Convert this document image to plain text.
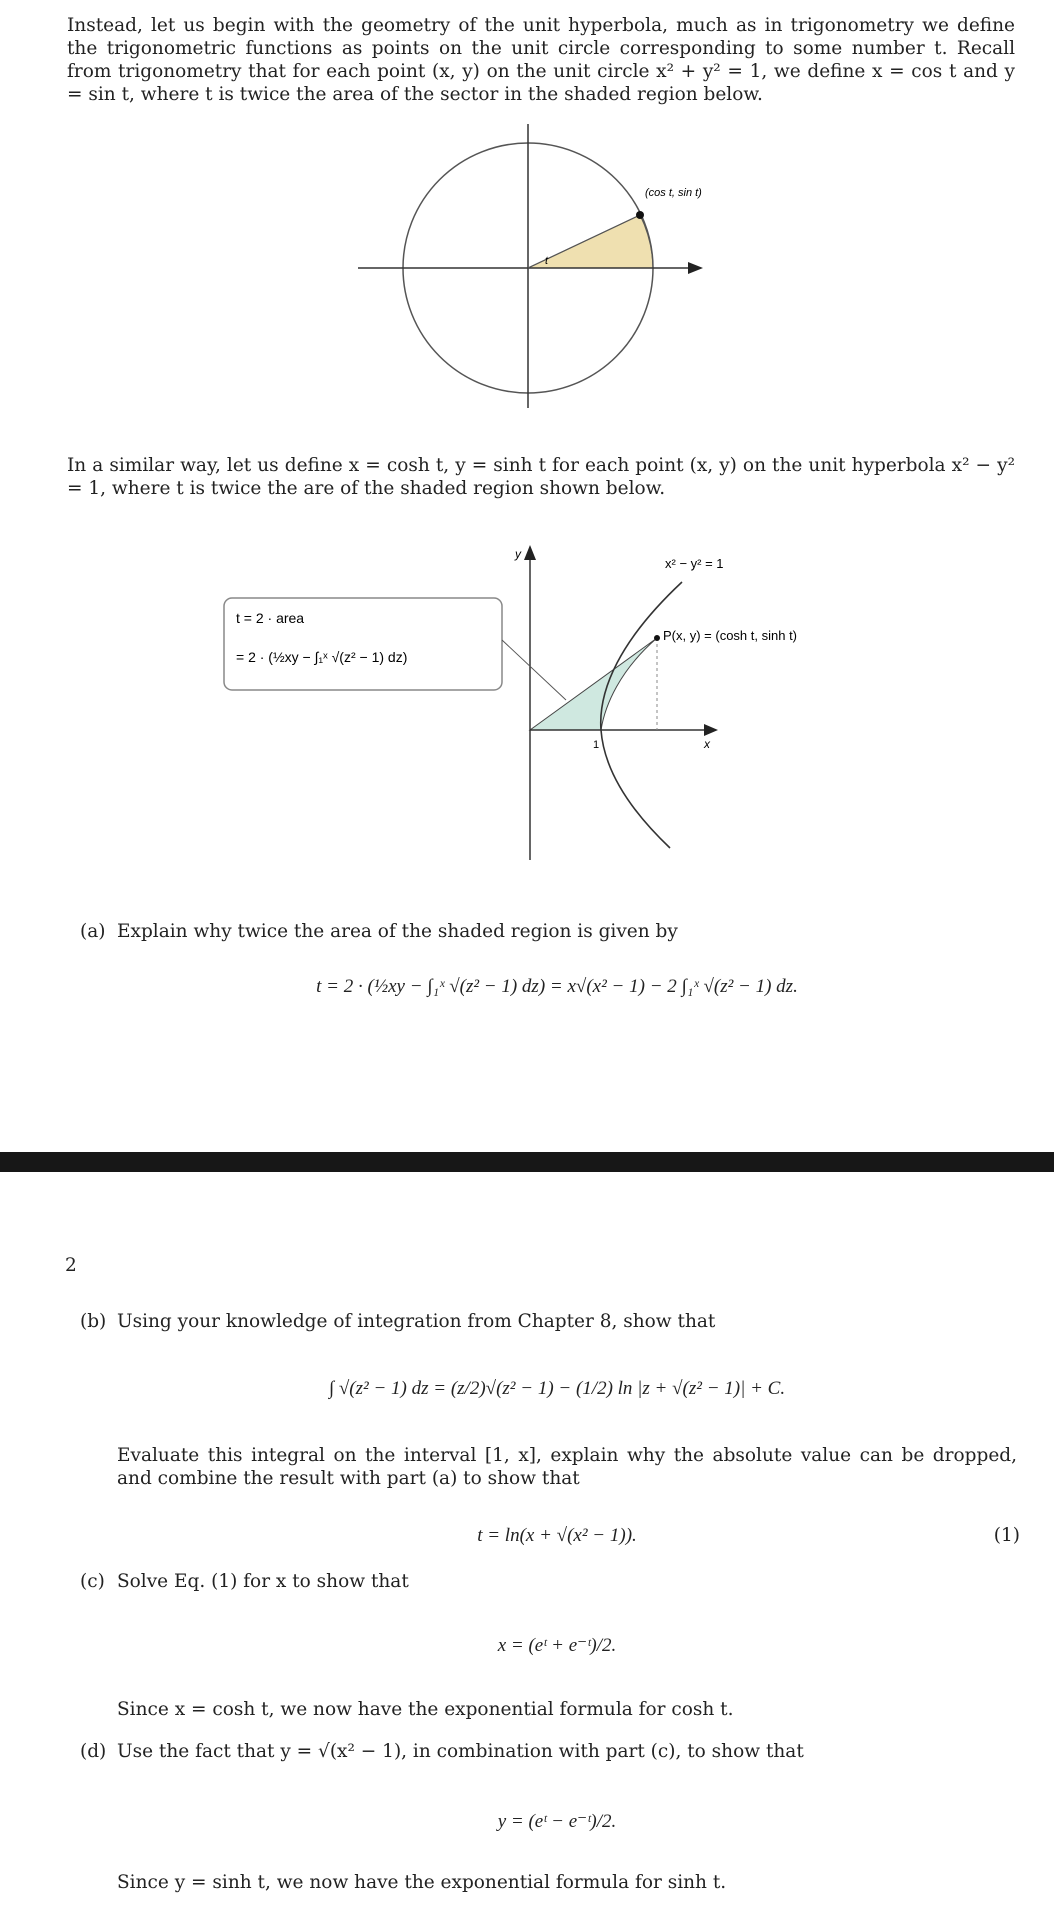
Instead, let us begin with the geometry of the unit hyperbola, much as in trigonometry we define the trigonometric functions as points on the unit circle corresponding to some number t. Recall from trigonometry that for each point (x, y) on the unit circle x² + y² = 1, we define x = cos t and y = sin t, where t is twice the area of the sector in the shaded region below.
(cos t, sin t)
t
In a similar way, let us define x = cosh t, y = sinh t for each point (x, y) on the unit hyperbola x² − y² = 1, where t is twice the are of the shaded region shown below.
y
x
1
x² − y² = 1
P(x, y) = (cosh t, sinh t)
t = 2 · area
= 2 · (½xy − ∫₁ˣ √(z² − 1) dz)
(a) Explain why twice the area of the shaded region is given by
t = 2 · (½xy − ∫₁ˣ √(z² − 1) dz) = x√(x² − 1) − 2 ∫₁ˣ √(z² − 1) dz.
2
(b) Using your knowledge of integration from Chapter 8, show that
∫ √(z² − 1) dz = (z/2)√(z² − 1) − (1/2) ln |z + √(z² − 1)| + C.
Evaluate this integral on the interval [1, x], explain why the absolute value can be dropped, and combine the result with part (a) to show that
t = ln(x + √(x² − 1)).	(1)
(c) Solve Eq. (1) for x to show that
x = (eᵗ + e⁻ᵗ)/2.
Since x = cosh t, we now have the exponential formula for cosh t.
(d) Use the fact that y = √(x² − 1), in combination with part (c), to show that
y = (eᵗ − e⁻ᵗ)/2.
Since y = sinh t, we now have the exponential formula for sinh t.
